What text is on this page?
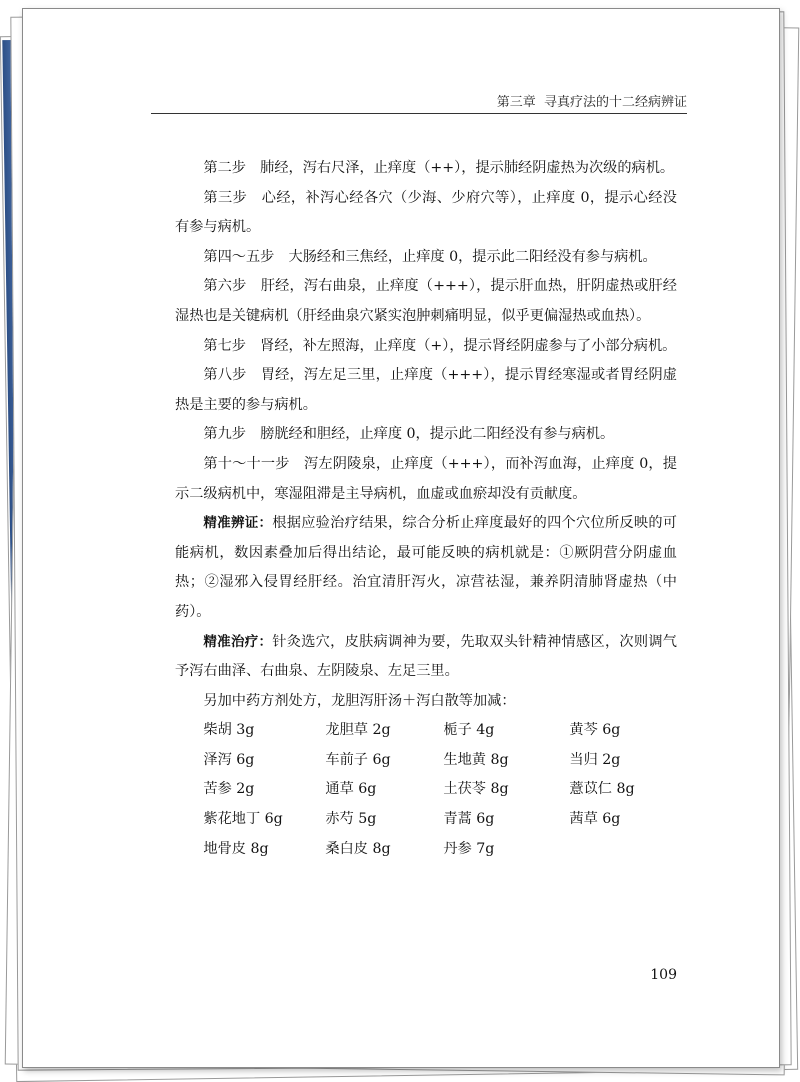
第三章 寻真疗法的十二经病辨证

第二步　肺经，泻右尺泽，止痒度（++），提示肺经阴虚热为次级的病机。

第三步　心经，补泻心经各穴（少海、少府穴等），止痒度 0，提示心经没有参与病机。

第四～五步　大肠经和三焦经，止痒度 0，提示此二阳经没有参与病机。

第六步　肝经，泻右曲泉，止痒度（+++），提示肝血热，肝阴虚热或肝经湿热也是关键病机（肝经曲泉穴紧实泡肿刺痛明显，似乎更偏湿热或血热）。

第七步　肾经，补左照海，止痒度（+），提示肾经阴虚参与了小部分病机。

第八步　胃经，泻左足三里，止痒度（+++），提示胃经寒湿或者胃经阴虚热是主要的参与病机。

第九步　膀胱经和胆经，止痒度 0，提示此二阳经没有参与病机。

第十～十一步　泻左阴陵泉，止痒度（+++），而补泻血海，止痒度 0，提示二级病机中，寒湿阻滞是主导病机，血虚或血瘀却没有贡献度。

精准辨证：根据应验治疗结果，综合分析止痒度最好的四个穴位所反映的可能病机，数因素叠加后得出结论，最可能反映的病机就是：①厥阴营分阴虚血热；②湿邪入侵胃经肝经。治宜清肝泻火，凉营祛湿，兼养阴清肺肾虚热（中药）。

精准治疗：针灸选穴，皮肤病调神为要，先取双头针精神情感区，次则调气予泻右曲泽、右曲泉、左阴陵泉、左足三里。

另加中药方剂处方，龙胆泻肝汤＋泻白散等加减：

柴胡 3g	龙胆草 2g	栀子 4g	黄芩 6g
泽泻 6g	车前子 6g	生地黄 8g	当归 2g
苦参 2g	通草 6g	土茯苓 8g	薏苡仁 8g
紫花地丁 6g	赤芍 5g	青蒿 6g	茜草 6g
地骨皮 8g	桑白皮 8g	丹参 7g
109
